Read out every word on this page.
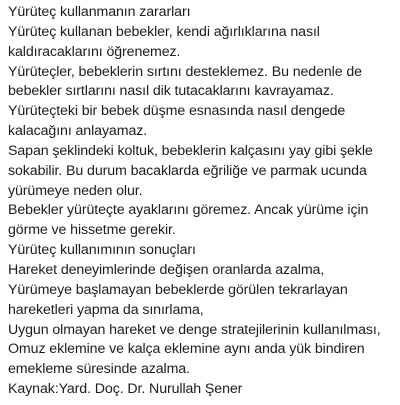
Yürüteç kullanmanın zararları
Yürüteç kullanan bebekler, kendi ağırlıklarına nasıl
kaldıracaklarını öğrenemez.
Yürüteçler, bebeklerin sırtını desteklemez. Bu nedenle de
bebekler sırtlarını nasıl dik tutacaklarını kavrayamaz.
Yürüteçteki bir bebek düşme esnasında nasıl dengede
kalacağını anlayamaz.
Sapan şeklindeki koltuk, bebeklerin kalçasını yay gibi şekle
sokabilir. Bu durum bacaklarda eğriliğe ve parmak ucunda
yürümeye neden olur.
Bebekler yürüteçte ayaklarını göremez. Ancak yürüme için
görme ve hissetme gerekir.
Yürüteç kullanımının sonuçları
Hareket deneyimlerinde değişen oranlarda azalma,
Yürümeye başlamayan bebeklerde görülen tekrarlayan
hareketleri yapma da sınırlama,
Uygun olmayan hareket ve denge stratejilerinin kullanılması,
Omuz eklemine ve kalça eklemine aynı anda yük bindiren
emekleme süresinde azalma.
Kaynak:Yard. Doç. Dr. Nurullah Şener
